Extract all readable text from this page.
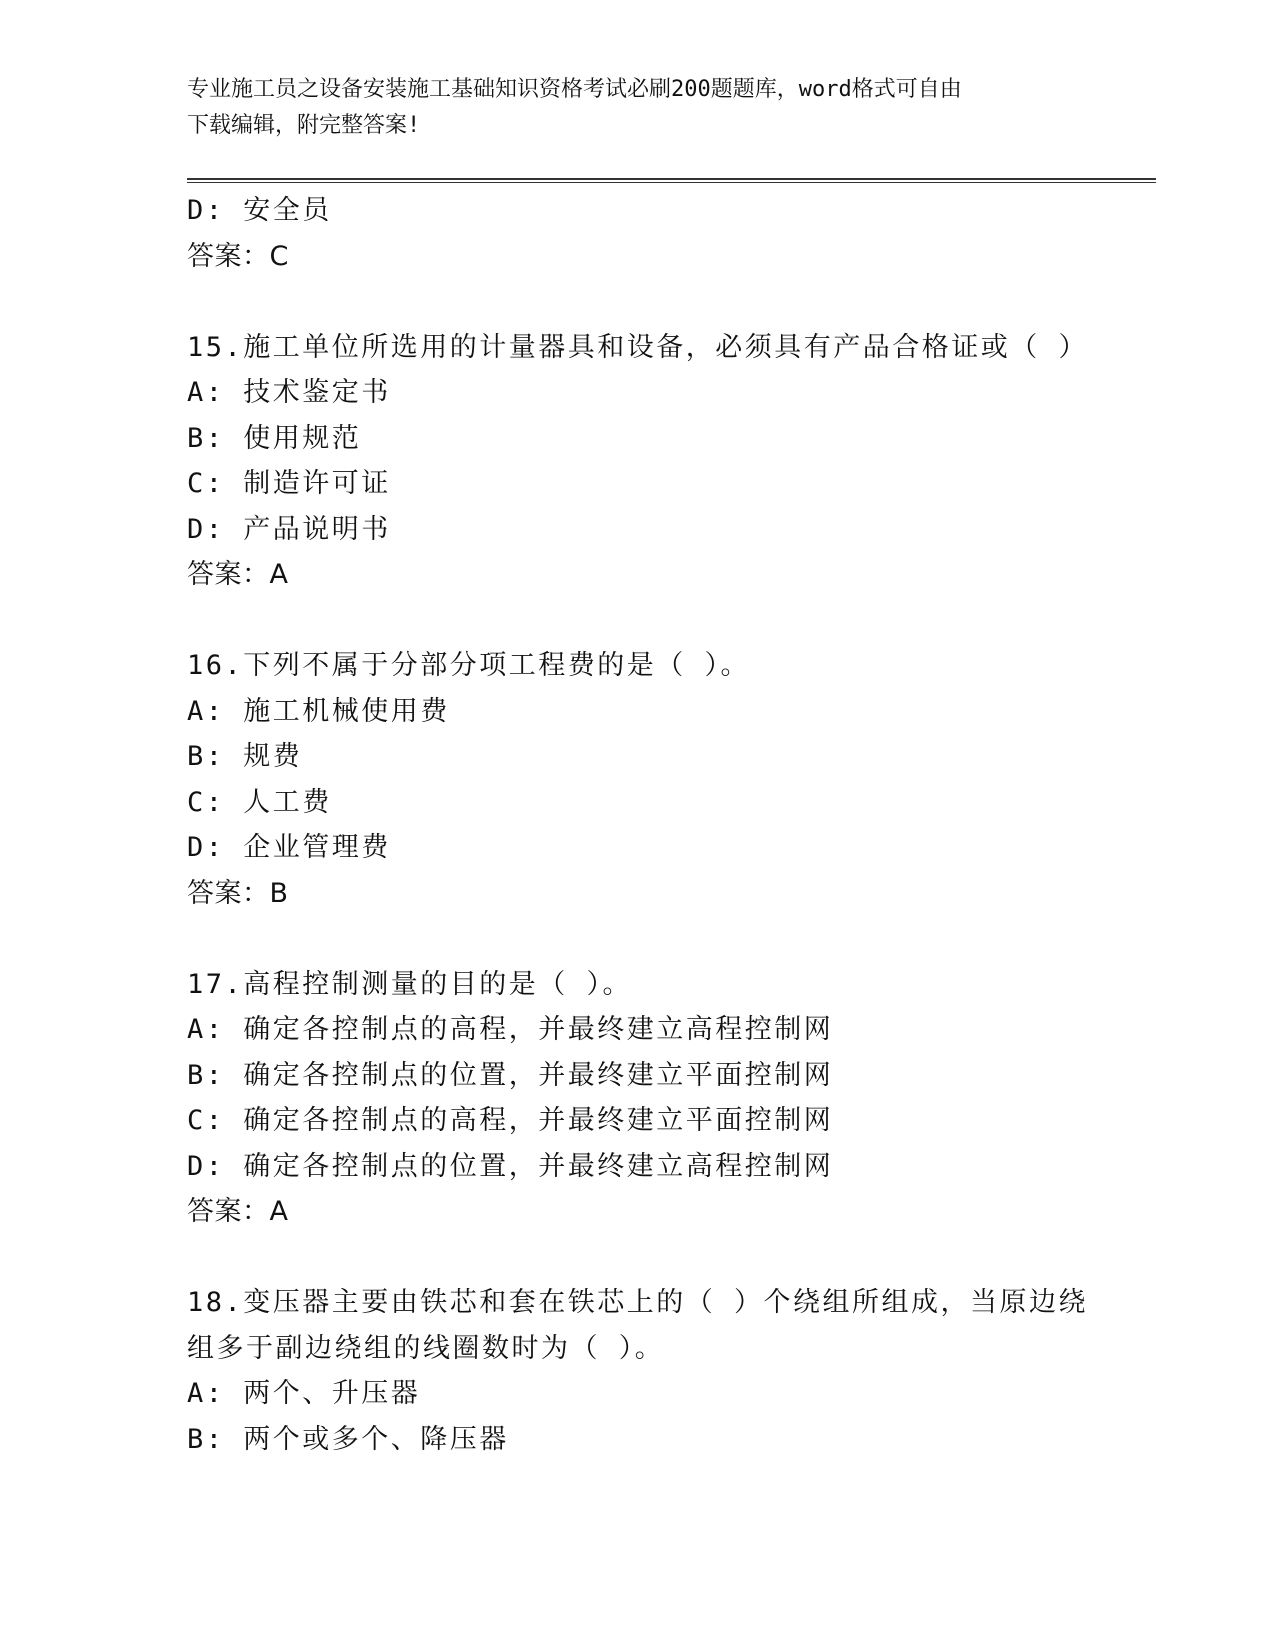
专业施工员之设备安装施工基础知识资格考试必刷200题题库，word格式可自由
下载编辑，附完整答案!
D: 安全员
答案：C
15.施工单位所选用的计量器具和设备，必须具有产品合格证或（ ）
A: 技术鉴定书
B: 使用规范
C: 制造许可证
D: 产品说明书
答案：A
16.下列不属于分部分项工程费的是（ ）。
A: 施工机械使用费
B: 规费
C: 人工费
D: 企业管理费
答案：B
17.高程控制测量的目的是（ ）。
A: 确定各控制点的高程，并最终建立高程控制网
B: 确定各控制点的位置，并最终建立平面控制网
C: 确定各控制点的高程，并最终建立平面控制网
D: 确定各控制点的位置，并最终建立高程控制网
答案：A
18.变压器主要由铁芯和套在铁芯上的（ ）个绕组所组成，当原边绕
组多于副边绕组的线圈数时为（ ）。
A: 两个、升压器
B: 两个或多个、降压器
